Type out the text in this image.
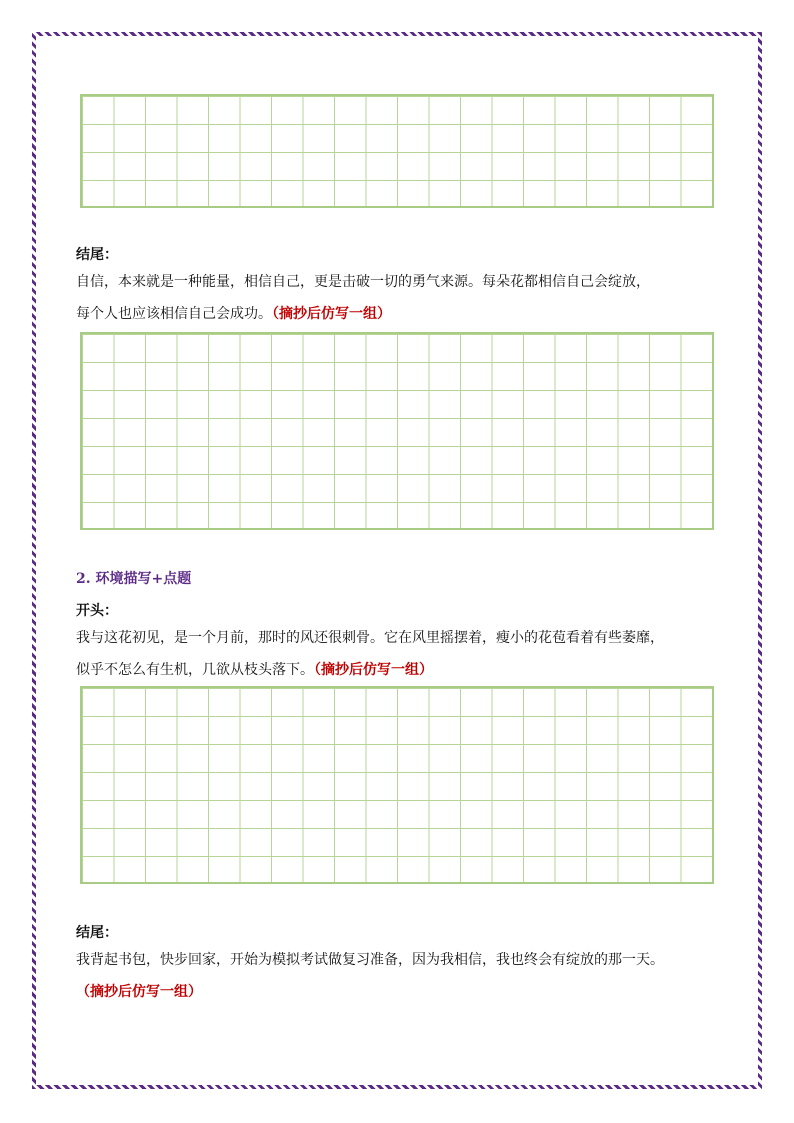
结尾：
自信，本来就是一种能量，相信自己，更是击破一切的勇气来源。每朵花都相信自己会绽放，
每个人也应该相信自己会成功。（摘抄后仿写一组）
2. 环境描写+点题
开头：
我与这花初见，是一个月前，那时的风还很刺骨。它在风里摇摆着，瘦小的花苞看着有些萎靡，
似乎不怎么有生机，几欲从枝头落下。（摘抄后仿写一组）
结尾：
我背起书包，快步回家，开始为模拟考试做复习准备，因为我相信，我也终会有绽放的那一天。
（摘抄后仿写一组）
